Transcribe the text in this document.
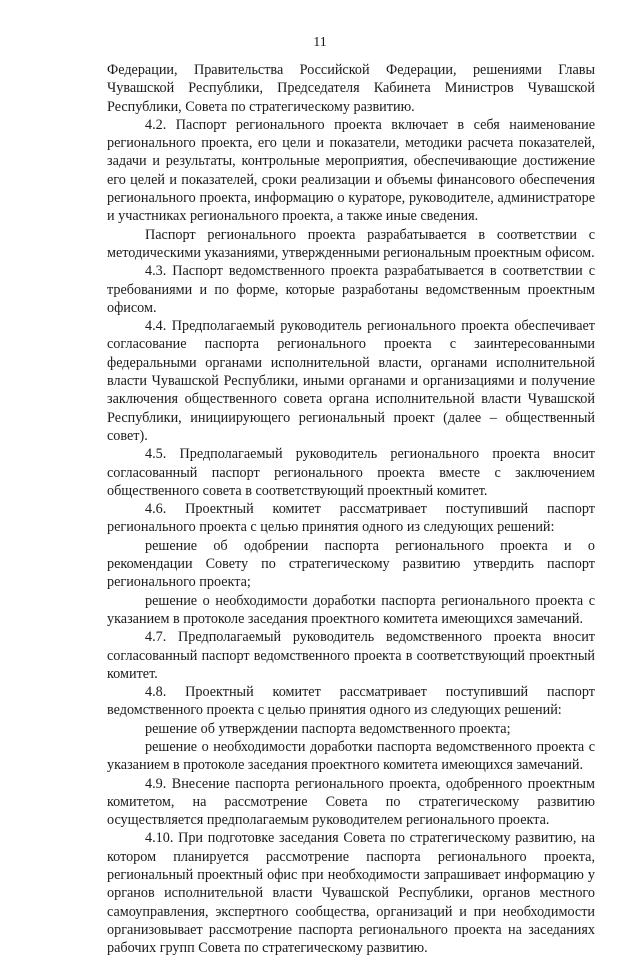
11

Федерации, Правительства Российской Федерации, решениями Главы Чувашской Республики, Председателя Кабинета Министров Чувашской Республики, Совета по стратегическому развитию.

4.2. Паспорт регионального проекта включает в себя наименование регионального проекта, его цели и показатели, методики расчета показателей, задачи и результаты, контрольные мероприятия, обеспечивающие достижение его целей и показателей, сроки реализации и объемы финансового обеспечения регионального проекта, информацию о кураторе, руководителе, администраторе и участниках регионального проекта, а также иные сведения.

Паспорт регионального проекта разрабатывается в соответствии с методическими указаниями, утвержденными региональным проектным офисом.

4.3. Паспорт ведомственного проекта разрабатывается в соответствии с требованиями и по форме, которые разработаны ведомственным проектным офисом.

4.4. Предполагаемый руководитель регионального проекта обеспечивает согласование паспорта регионального проекта с заинтересованными федеральными органами исполнительной власти, органами исполнительной власти Чувашской Республики, иными органами и организациями и получение заключения общественного совета органа исполнительной власти Чувашской Республики, инициирующего региональный проект (далее – общественный совет).

4.5. Предполагаемый руководитель регионального проекта вносит согласованный паспорт регионального проекта вместе с заключением общественного совета в соответствующий проектный комитет.

4.6. Проектный комитет рассматривает поступивший паспорт регионального проекта с целью принятия одного из следующих решений:

решение об одобрении паспорта регионального проекта и о рекомендации Совету по стратегическому развитию утвердить паспорт регионального проекта;

решение о необходимости доработки паспорта регионального проекта с указанием в протоколе заседания проектного комитета имеющихся замечаний.

4.7. Предполагаемый руководитель ведомственного проекта вносит согласованный паспорт ведомственного проекта в соответствующий проектный комитет.

4.8. Проектный комитет рассматривает поступивший паспорт ведомственного проекта с целью принятия одного из следующих решений:

решение об утверждении паспорта ведомственного проекта;

решение о необходимости доработки паспорта ведомственного проекта с указанием в протоколе заседания проектного комитета имеющихся замечаний.

4.9. Внесение паспорта регионального проекта, одобренного проектным комитетом, на рассмотрение Совета по стратегическому развитию осуществляется предполагаемым руководителем регионального проекта.

4.10. При подготовке заседания Совета по стратегическому развитию, на котором планируется рассмотрение паспорта регионального проекта, региональный проектный офис при необходимости запрашивает информацию у органов исполнительной власти Чувашской Республики, органов местного самоуправления, экспертного сообщества, организаций и при необходимости организовывает рассмотрение паспорта регионального проекта на заседаниях рабочих групп Совета по стратегическому развитию.
